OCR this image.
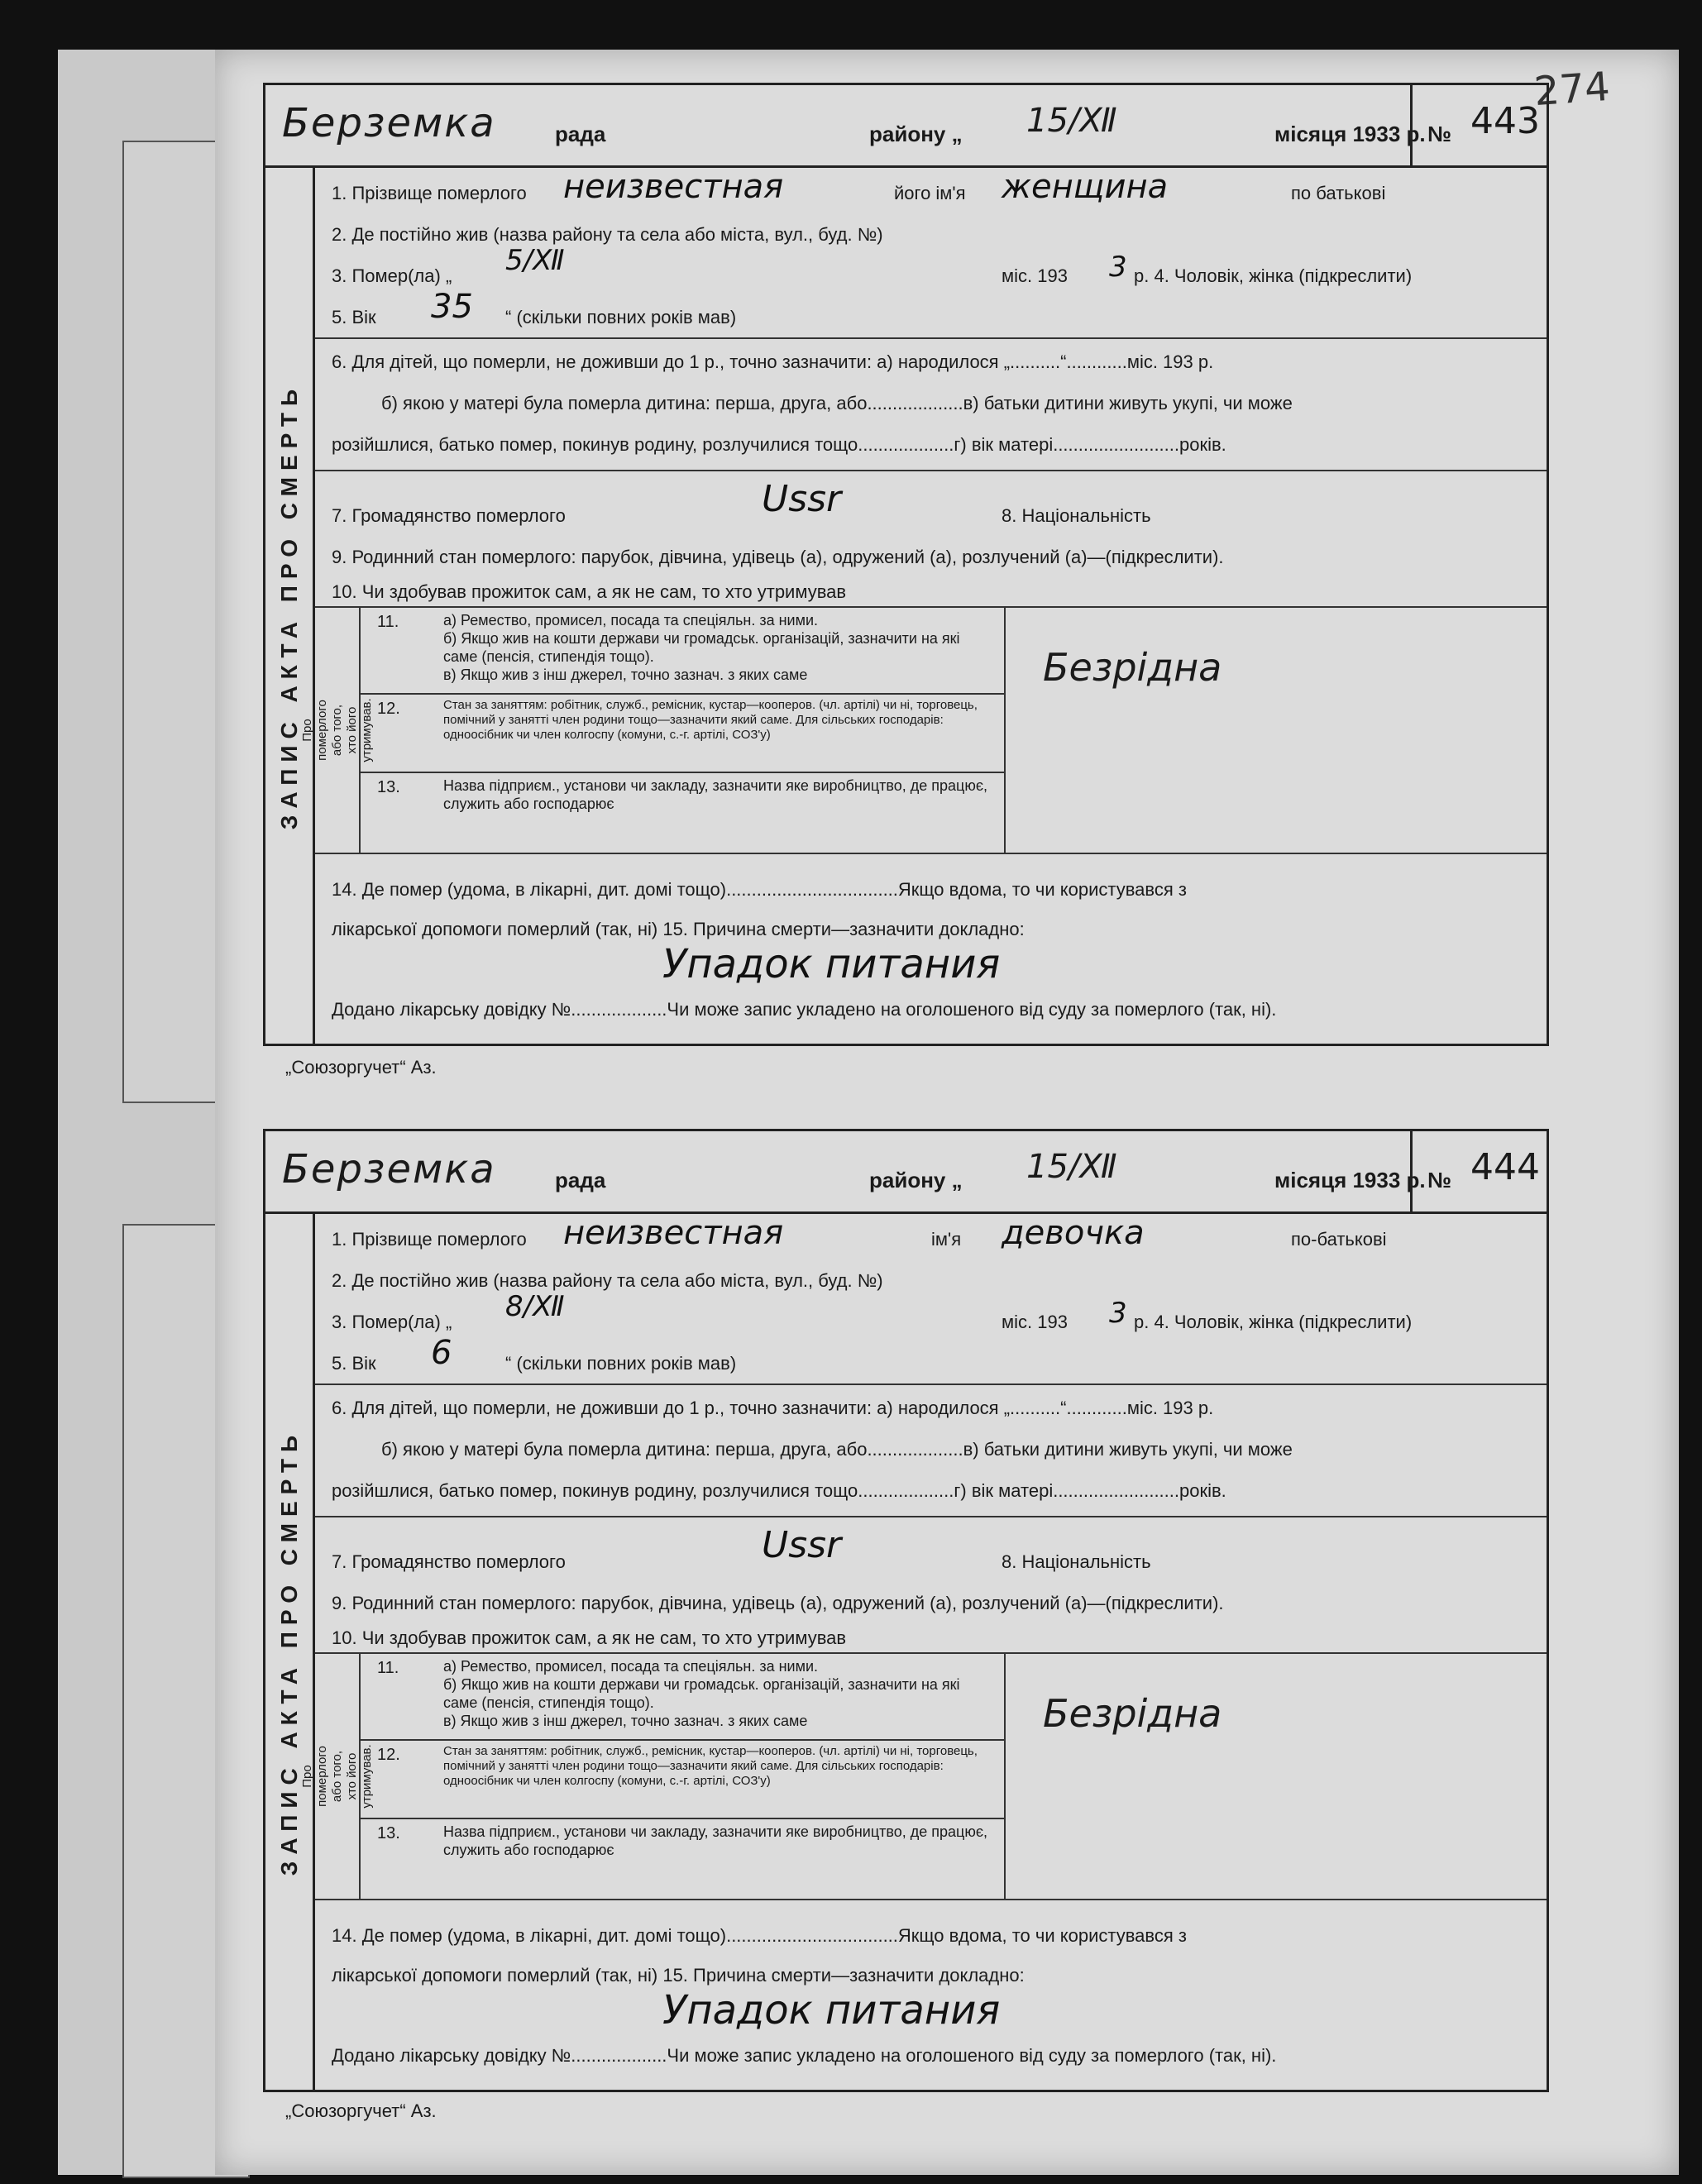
274
Берземка	рада	району „ 15/Ⅻ	місяця 1933 р. № 443
ЗАПИС АКТА ПРО СМЕРТЬ
1. Прізвище померлого неизвестная	його ім'я женщина	по батькові
2. Де постійно жив (назва району та села або міста, вул., буд. №)
3. Помер(ла) „ 5/Ⅻ	міс. 193 3 р. 4. Чоловік, жінка (підкреслити)
5. Вік 35 “ (скільки повних років мав)
6. Для дітей, що померли, не доживши до 1 р., точно зазначити: а) народилося „..........“............міс. 193 р.
б) якою у матері була померла дитина: перша, друга, або...................в) батьки дитини живуть укупі, чи може
розійшлися, батько помер, покинув родину, розлучилися тощо...................г) вік матері.........................років.
7. Громадянство померлого	Ussr	8. Національність
9. Родинний стан померлого: парубок, дівчина, удівець (а), одружений (а), розлучений (а)—(підкреслити).
10. Чи здобував прожиток сам, а як не сам, то хто утримував
Про померлого або того,
хто його утримував.
11.	а) Ремество, промисел, посада та спеціяльн. за ними.
б) Якщо жив на кошти держави чи громадськ. організацій, зазначити на які саме (пенсія, стипендія тощо).
в) Якщо жив з інш джерел, точно зазнач. з яких саме
12.	Стан за заняттям: робітник, служб., ремісник, кустар—кооперов. (чл. артілі) чи ні, торговець, помічний у занятті член родини тощо—зазначити який саме. Для сільських господарів: одноосібник чи член колгоспу (комуни, с.-г. артілі, СОЗ'у)
13.	Назва підприєм., установи чи закладу, зазначити яке виробництво, де працює, служить або господарює
Безрідна
14. Де помер (удома, в лікарні, дит. домі тощо)..................................Якщо вдома, то чи користувався з
лікарської допомоги померлий (так, ні) 15. Причина смерти—зазначити докладно:
Упадок питания
Додано лікарську довідку №...................Чи може запис укладено на оголошеного від суду за померлого (так, ні).
„Союзоргучет“ Аз.
Берземка	рада	району „ 15/Ⅻ	місяця 1933 р. № 444
ЗАПИС АКТА ПРО СМЕРТЬ
1. Прізвище померлого неизвестная	ім'я девочка	по-батькові
2. Де постійно жив (назва району та села або міста, вул., буд. №)
3. Помер(ла) „ 8/Ⅻ	міс. 193 3 р. 4. Чоловік, жінка (підкреслити)
5. Вік 6	“ (скільки повних років мав)
6. Для дітей, що померли, не доживши до 1 р., точно зазначити: а) народилося „..........“............міс. 193 р.
б) якою у матері була померла дитина: перша, друга, або...................в) батьки дитини живуть укупі, чи може
розійшлися, батько помер, покинув родину, розлучилися тощо...................г) вік матері.........................років.
7. Громадянство померлого	Ussr	8. Національність
9. Родинний стан померлого: парубок, дівчина, удівець (а), одружений (а), розлучений (а)—(підкреслити).
10. Чи здобував прожиток сам, а як не сам, то хто утримував
Про померлого або того,
хто його утримував.
11.	а) Ремество, промисел, посада та спеціяльн. за ними.
б) Якщо жив на кошти держави чи громадськ. організацій, зазначити на які саме (пенсія, стипендія тощо).
в) Якщо жив з інш джерел, точно зазнач. з яких саме
12.	Стан за заняттям: робітник, служб., ремісник, кустар—кооперов. (чл. артілі) чи ні, торговець, помічний у занятті член родини тощо—зазначити який саме. Для сільських господарів: одноосібник чи член колгоспу (комуни, с.-г. артілі, СОЗ'у)
13.	Назва підприєм., установи чи закладу, зазначити яке виробництво, де працює, служить або господарює
Безрідна
14. Де помер (удома, в лікарні, дит. домі тощо)..................................Якщо вдома, то чи користувався з
лікарської допомоги померлий (так, ні) 15. Причина смерти—зазначити докладно:
Упадок питания
Додано лікарську довідку №...................Чи може запис укладено на оголошеного від суду за померлого (так, ні).
„Союзоргучет“ Аз.
